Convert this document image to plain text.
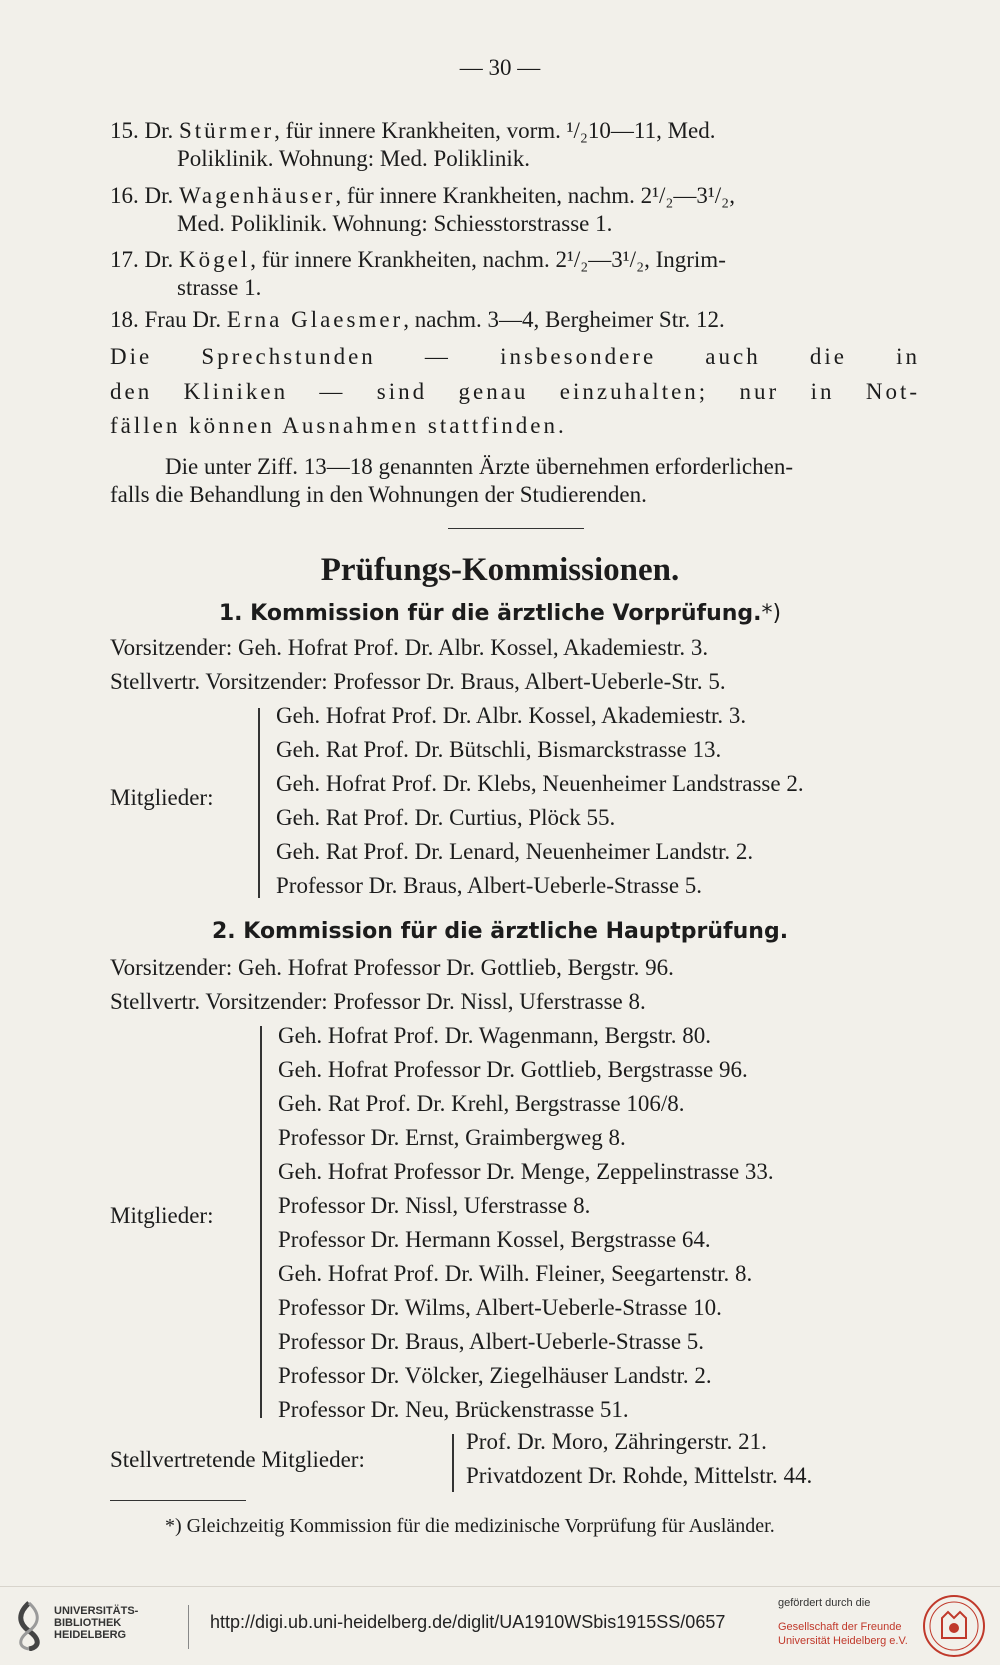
— 30 —
15. Dr. Stürmer, für innere Krankheiten, vorm. ¹/₂10—11, Med.
Poliklinik. Wohnung: Med. Poliklinik.
16. Dr. Wagenhäuser, für innere Krankheiten, nachm. 2¹/₂—3¹/₂,
Med. Poliklinik. Wohnung: Schiesstorstrasse 1.
17. Dr. Kögel, für innere Krankheiten, nachm. 2¹/₂—3¹/₂, Ingrim-
strasse 1.
18. Frau Dr. Erna Glaesmer, nachm. 3—4, Bergheimer Str. 12.
Die Sprechstunden — insbesondere auch die in
den Kliniken — sind genau einzuhalten; nur in Not-
fällen können Ausnahmen stattfinden.
Die unter Ziff. 13—18 genannten Ärzte übernehmen erforderlichen-
falls die Behandlung in den Wohnungen der Studierenden.
Prüfungs-Kommissionen.
1. Kommission für die ärztliche Vorprüfung.*)
Vorsitzender: Geh. Hofrat Prof. Dr. Albr. Kossel, Akademiestr. 3.
Stellvertr. Vorsitzender: Professor Dr. Braus, Albert-Ueberle-Str. 5.
Mitglieder:
Geh. Hofrat Prof. Dr. Albr. Kossel, Akademiestr. 3.
Geh. Rat Prof. Dr. Bütschli, Bismarckstrasse 13.
Geh. Hofrat Prof. Dr. Klebs, Neuenheimer Landstrasse 2.
Geh. Rat Prof. Dr. Curtius, Plöck 55.
Geh. Rat Prof. Dr. Lenard, Neuenheimer Landstr. 2.
Professor Dr. Braus, Albert-Ueberle-Strasse 5.
2. Kommission für die ärztliche Hauptprüfung.
Vorsitzender: Geh. Hofrat Professor Dr. Gottlieb, Bergstr. 96.
Stellvertr. Vorsitzender: Professor Dr. Nissl, Uferstrasse 8.
Mitglieder:
Geh. Hofrat Prof. Dr. Wagenmann, Bergstr. 80.
Geh. Hofrat Professor Dr. Gottlieb, Bergstrasse 96.
Geh. Rat Prof. Dr. Krehl, Bergstrasse 106/8.
Professor Dr. Ernst, Graimbergweg 8.
Geh. Hofrat Professor Dr. Menge, Zeppelinstrasse 33.
Professor Dr. Nissl, Uferstrasse 8.
Professor Dr. Hermann Kossel, Bergstrasse 64.
Geh. Hofrat Prof. Dr. Wilh. Fleiner, Seegartenstr. 8.
Professor Dr. Wilms, Albert-Ueberle-Strasse 10.
Professor Dr. Braus, Albert-Ueberle-Strasse 5.
Professor Dr. Völcker, Ziegelhäuser Landstr. 2.
Professor Dr. Neu, Brückenstrasse 51.
Stellvertretende Mitglieder:
Prof. Dr. Moro, Zähringerstr. 21.
Privatdozent Dr. Rohde, Mittelstr. 44.
*) Gleichzeitig Kommission für die medizinische Vorprüfung für Ausländer.
UNIVERSITÄTS-
BIBLIOTHEK
HEIDELBERG
http://digi.ub.uni-heidelberg.de/diglit/UA1910WSbis1915SS/0657
gefördert durch die
Gesellschaft der Freunde
Universität Heidelberg e.V.
